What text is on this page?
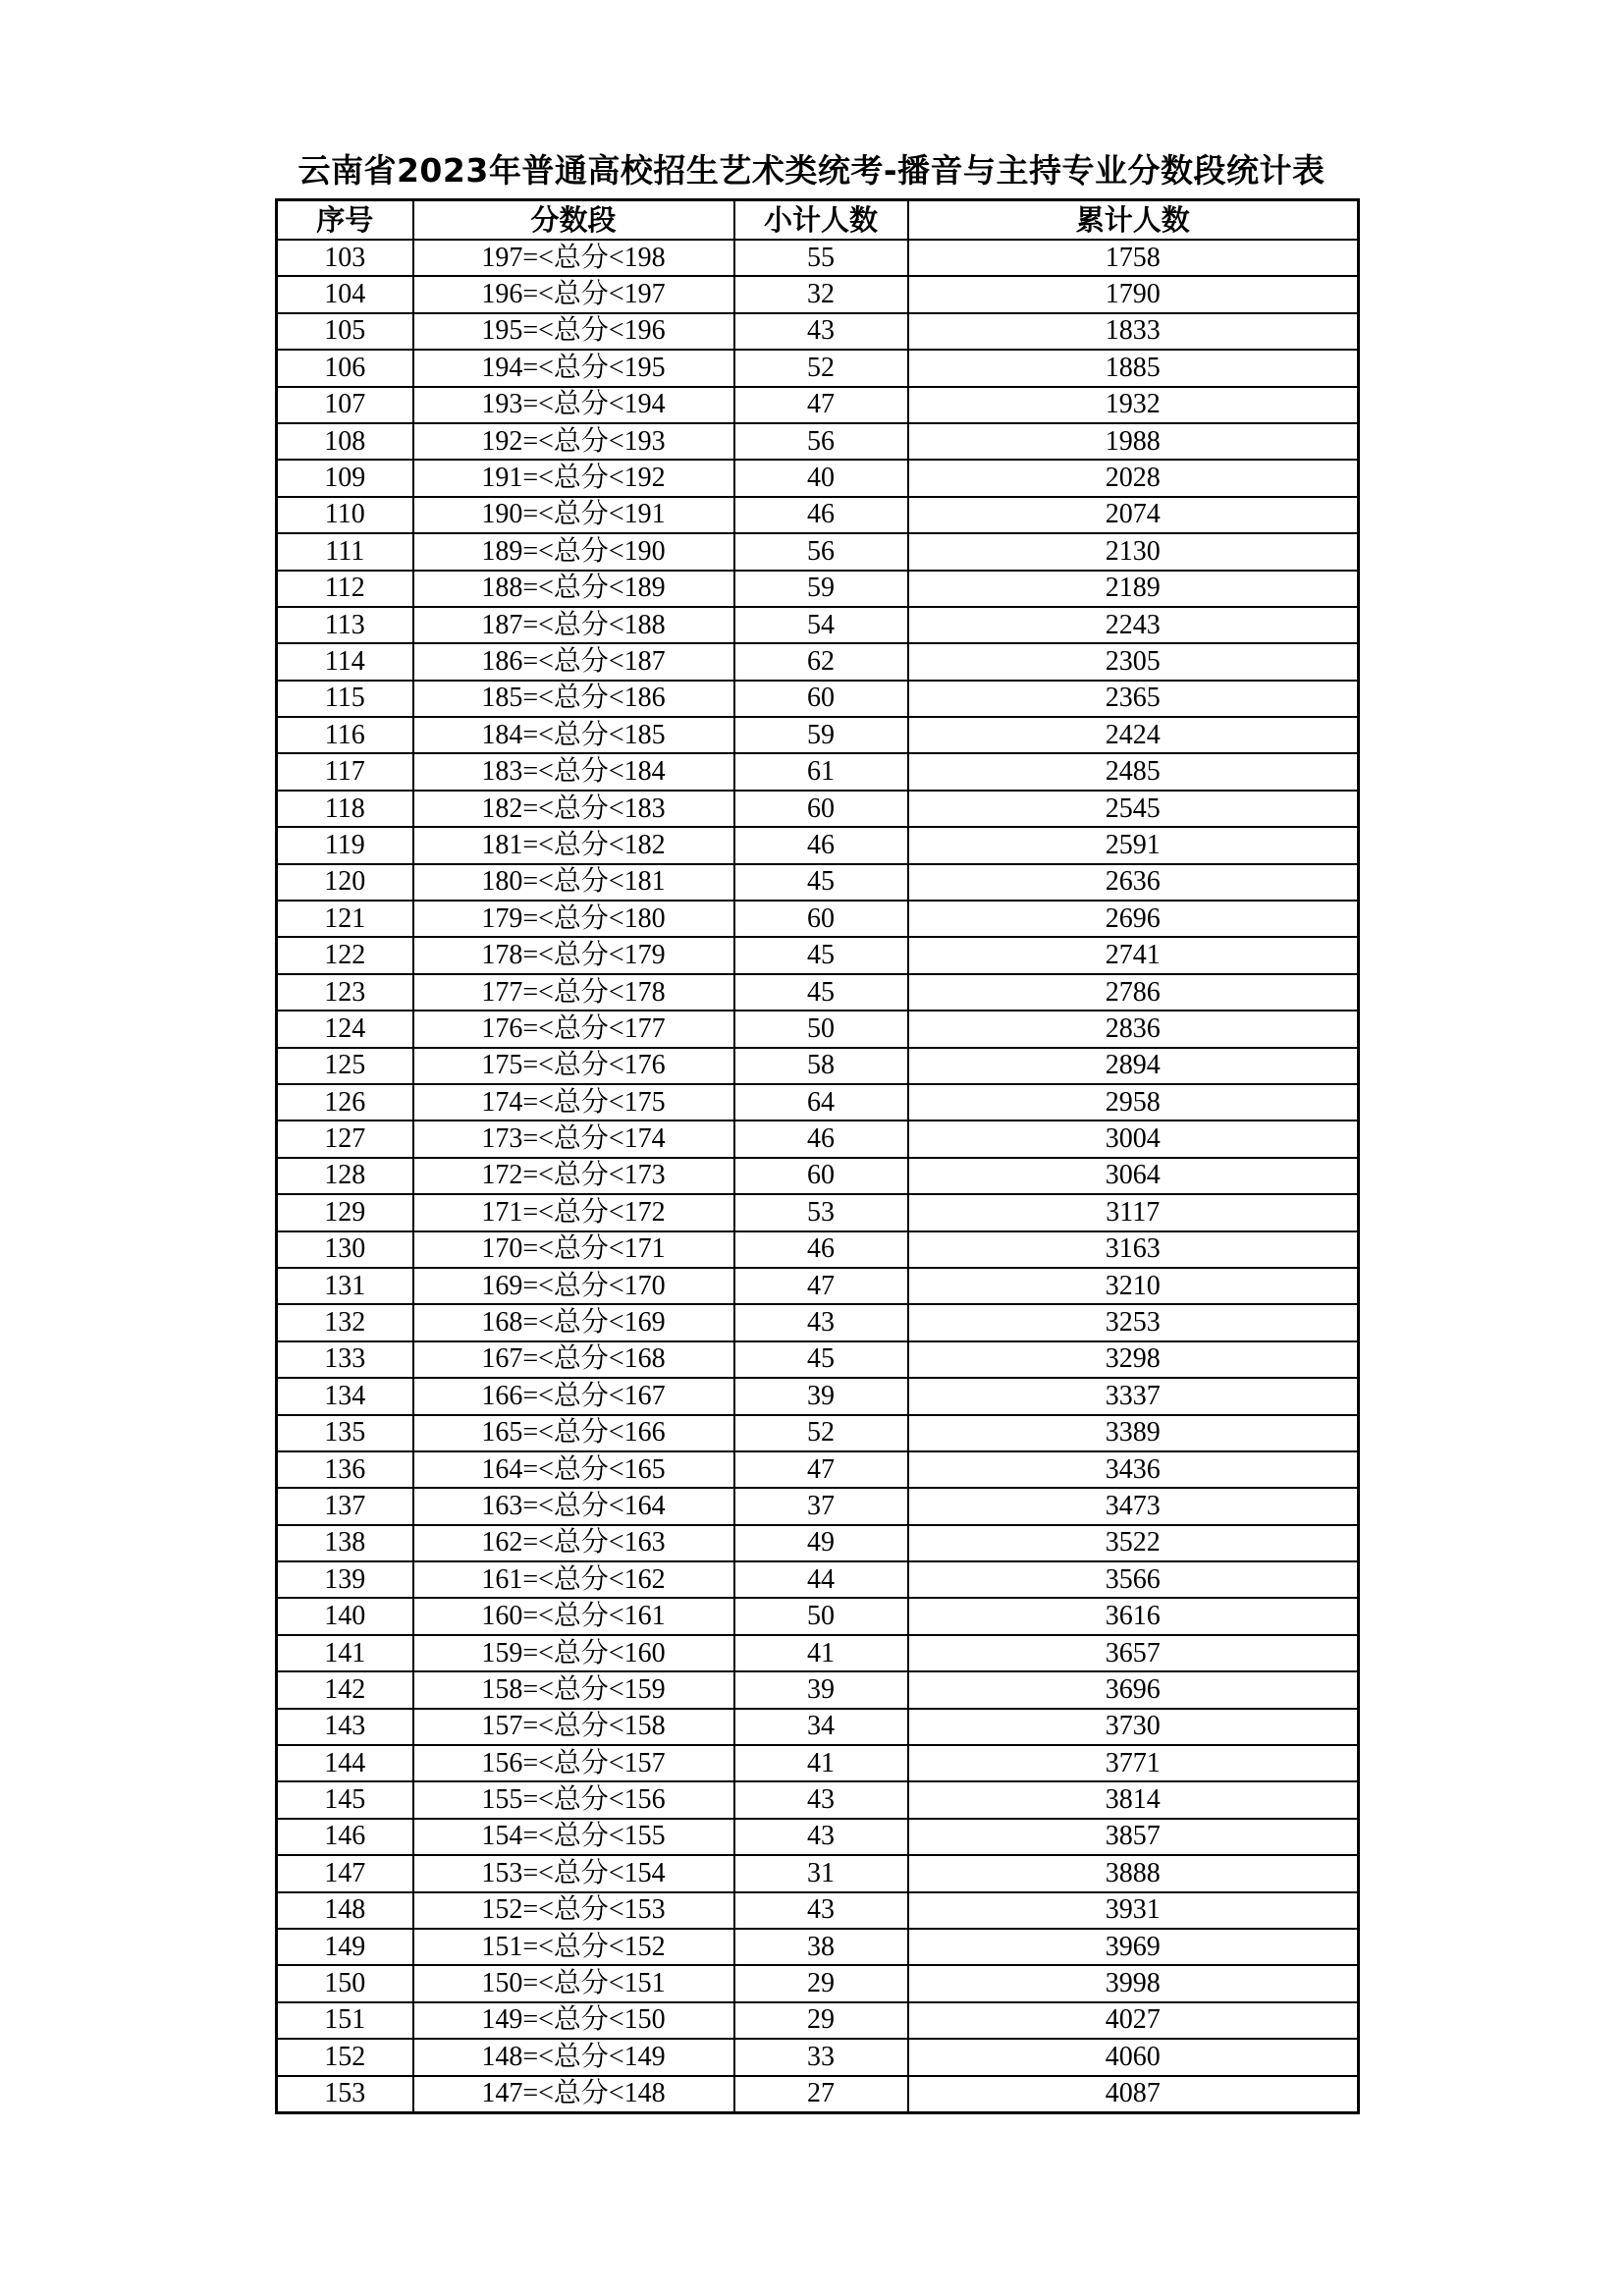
云南省2023年普通高校招生艺术类统考-播音与主持专业分数段统计表
序号	分数段	小计人数	累计人数
103	197=<总分<198	55	1758
104	196=<总分<197	32	1790
105	195=<总分<196	43	1833
106	194=<总分<195	52	1885
107	193=<总分<194	47	1932
108	192=<总分<193	56	1988
109	191=<总分<192	40	2028
110	190=<总分<191	46	2074
111	189=<总分<190	56	2130
112	188=<总分<189	59	2189
113	187=<总分<188	54	2243
114	186=<总分<187	62	2305
115	185=<总分<186	60	2365
116	184=<总分<185	59	2424
117	183=<总分<184	61	2485
118	182=<总分<183	60	2545
119	181=<总分<182	46	2591
120	180=<总分<181	45	2636
121	179=<总分<180	60	2696
122	178=<总分<179	45	2741
123	177=<总分<178	45	2786
124	176=<总分<177	50	2836
125	175=<总分<176	58	2894
126	174=<总分<175	64	2958
127	173=<总分<174	46	3004
128	172=<总分<173	60	3064
129	171=<总分<172	53	3117
130	170=<总分<171	46	3163
131	169=<总分<170	47	3210
132	168=<总分<169	43	3253
133	167=<总分<168	45	3298
134	166=<总分<167	39	3337
135	165=<总分<166	52	3389
136	164=<总分<165	47	3436
137	163=<总分<164	37	3473
138	162=<总分<163	49	3522
139	161=<总分<162	44	3566
140	160=<总分<161	50	3616
141	159=<总分<160	41	3657
142	158=<总分<159	39	3696
143	157=<总分<158	34	3730
144	156=<总分<157	41	3771
145	155=<总分<156	43	3814
146	154=<总分<155	43	3857
147	153=<总分<154	31	3888
148	152=<总分<153	43	3931
149	151=<总分<152	38	3969
150	150=<总分<151	29	3998
151	149=<总分<150	29	4027
152	148=<总分<149	33	4060
153	147=<总分<148	27	4087
